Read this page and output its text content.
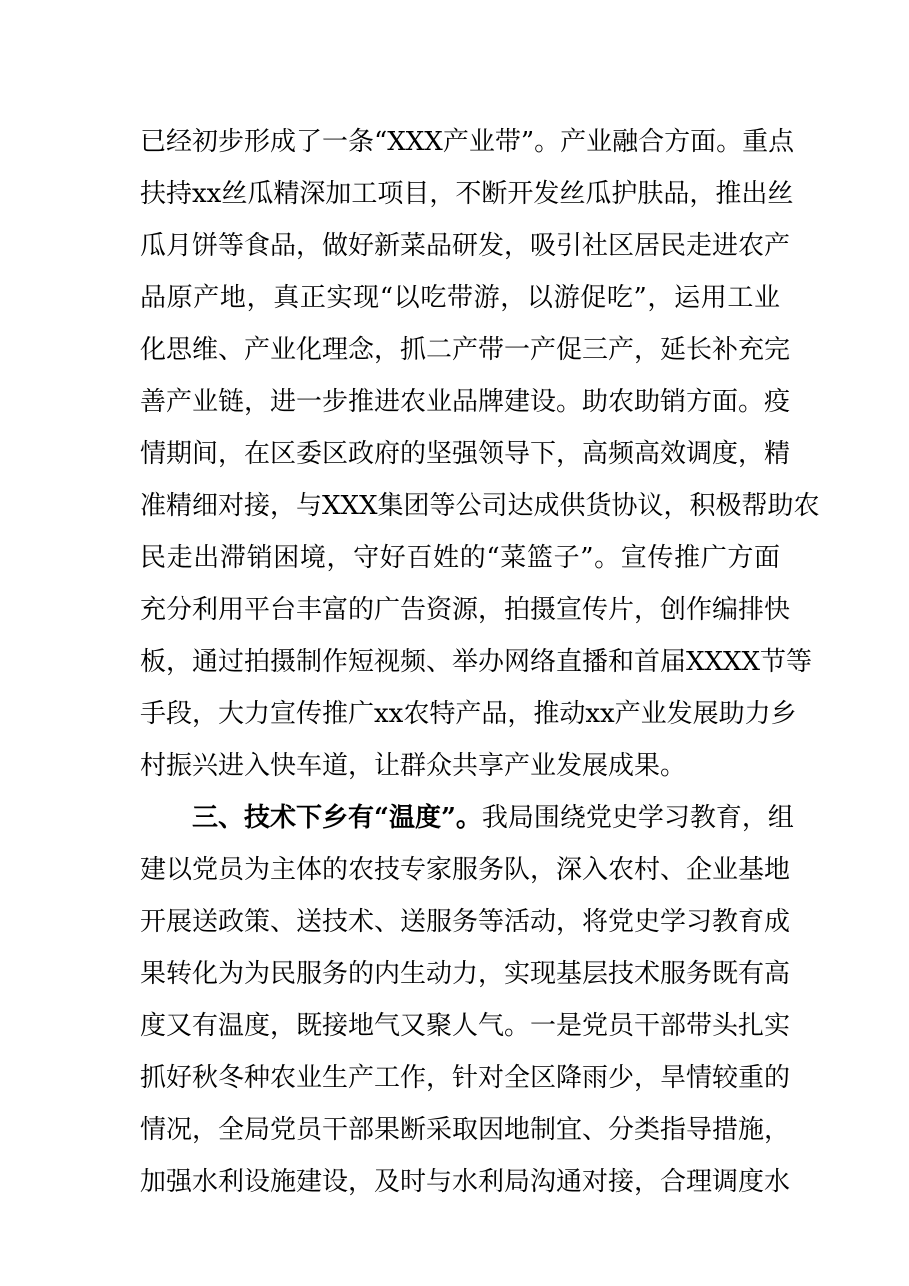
已经初步形成了一条“XXX产业带”。产业融合方面。重点
扶持xx丝瓜精深加工项目，不断开发丝瓜护肤品，推出丝
瓜月饼等食品，做好新菜品研发，吸引社区居民走进农产
品原产地，真正实现“以吃带游，以游促吃”，运用工业
化思维、产业化理念，抓二产带一产促三产，延长补充完
善产业链，进一步推进农业品牌建设。助农助销方面。疫
情期间，在区委区政府的坚强领导下，高频高效调度，精
准精细对接，与XXX集团等公司达成供货协议，积极帮助农
民走出滞销困境，守好百姓的“菜篮子”。宣传推广方面
充分利用平台丰富的广告资源，拍摄宣传片，创作编排快
板，通过拍摄制作短视频、举办网络直播和首届XXXX节等
手段，大力宣传推广xx农特产品，推动xx产业发展助力乡
村振兴进入快车道，让群众共享产业发展成果。
三、技术下乡有“温度”。我局围绕党史学习教育，组
建以党员为主体的农技专家服务队，深入农村、企业基地
开展送政策、送技术、送服务等活动，将党史学习教育成
果转化为为民服务的内生动力，实现基层技术服务既有高
度又有温度，既接地气又聚人气。一是党员干部带头扎实
抓好秋冬种农业生产工作，针对全区降雨少，旱情较重的
情况，全局党员干部果断采取因地制宜、分类指导措施，
加强水利设施建设，及时与水利局沟通对接，合理调度水
